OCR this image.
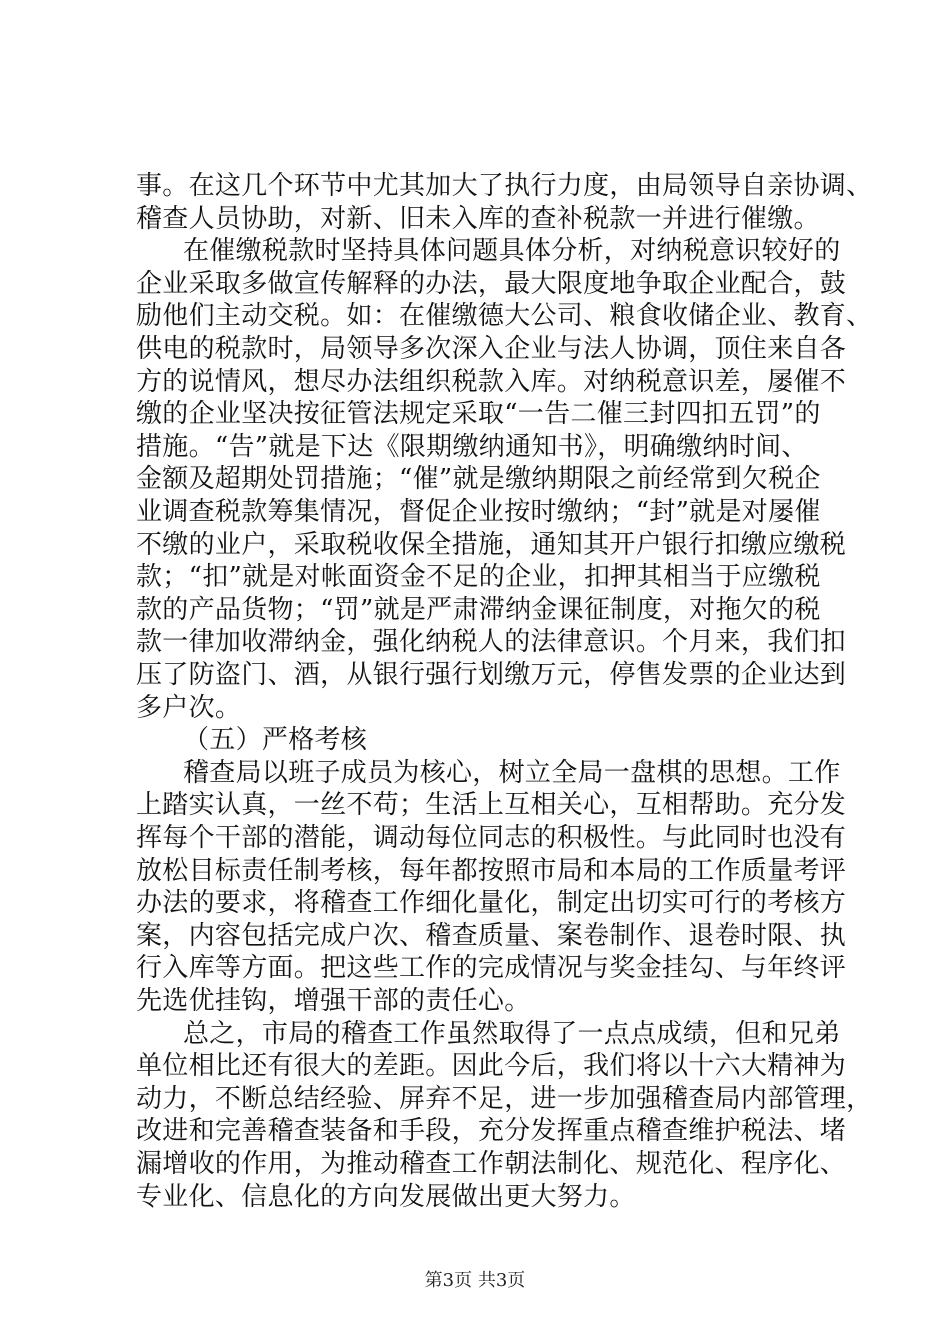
事。在这几个环节中尤其加大了执行力度，由局领导自亲协调、
稽查人员协助，对新、旧未入库的查补税款一并进行催缴。
在催缴税款时坚持具体问题具体分析，对纳税意识较好的
企业采取多做宣传解释的办法，最大限度地争取企业配合，鼓
励他们主动交税。如：在催缴德大公司、粮食收储企业、教育、
供电的税款时，局领导多次深入企业与法人协调，顶住来自各
方的说情风，想尽办法组织税款入库。对纳税意识差，屡催不
缴的企业坚决按征管法规定采取“一告二催三封四扣五罚”的
措施。“告”就是下达《限期缴纳通知书》，明确缴纳时间、
金额及超期处罚措施；“催”就是缴纳期限之前经常到欠税企
业调查税款筹集情况，督促企业按时缴纳；“封”就是对屡催
不缴的业户，采取税收保全措施，通知其开户银行扣缴应缴税
款；“扣”就是对帐面资金不足的企业，扣押其相当于应缴税
款的产品货物；“罚”就是严肃滞纳金课征制度，对拖欠的税
款一律加收滞纳金，强化纳税人的法律意识。个月来，我们扣
压了防盗门、酒，从银行强行划缴万元，停售发票的企业达到
多户次。
（五）严格考核
稽查局以班子成员为核心，树立全局一盘棋的思想。工作
上踏实认真，一丝不苟；生活上互相关心，互相帮助。充分发
挥每个干部的潜能，调动每位同志的积极性。与此同时也没有
放松目标责任制考核，每年都按照市局和本局的工作质量考评
办法的要求，将稽查工作细化量化，制定出切实可行的考核方
案，内容包括完成户次、稽查质量、案卷制作、退卷时限、执
行入库等方面。把这些工作的完成情况与奖金挂勾、与年终评
先选优挂钩，增强干部的责任心。
总之，市局的稽查工作虽然取得了一点点成绩，但和兄弟
单位相比还有很大的差距。因此今后，我们将以十六大精神为
动力，不断总结经验、屏弃不足，进一步加强稽查局内部管理，
改进和完善稽查装备和手段，充分发挥重点稽查维护税法、堵
漏增收的作用，为推动稽查工作朝法制化、规范化、程序化、
专业化、信息化的方向发展做出更大努力。
第3页 共3页
